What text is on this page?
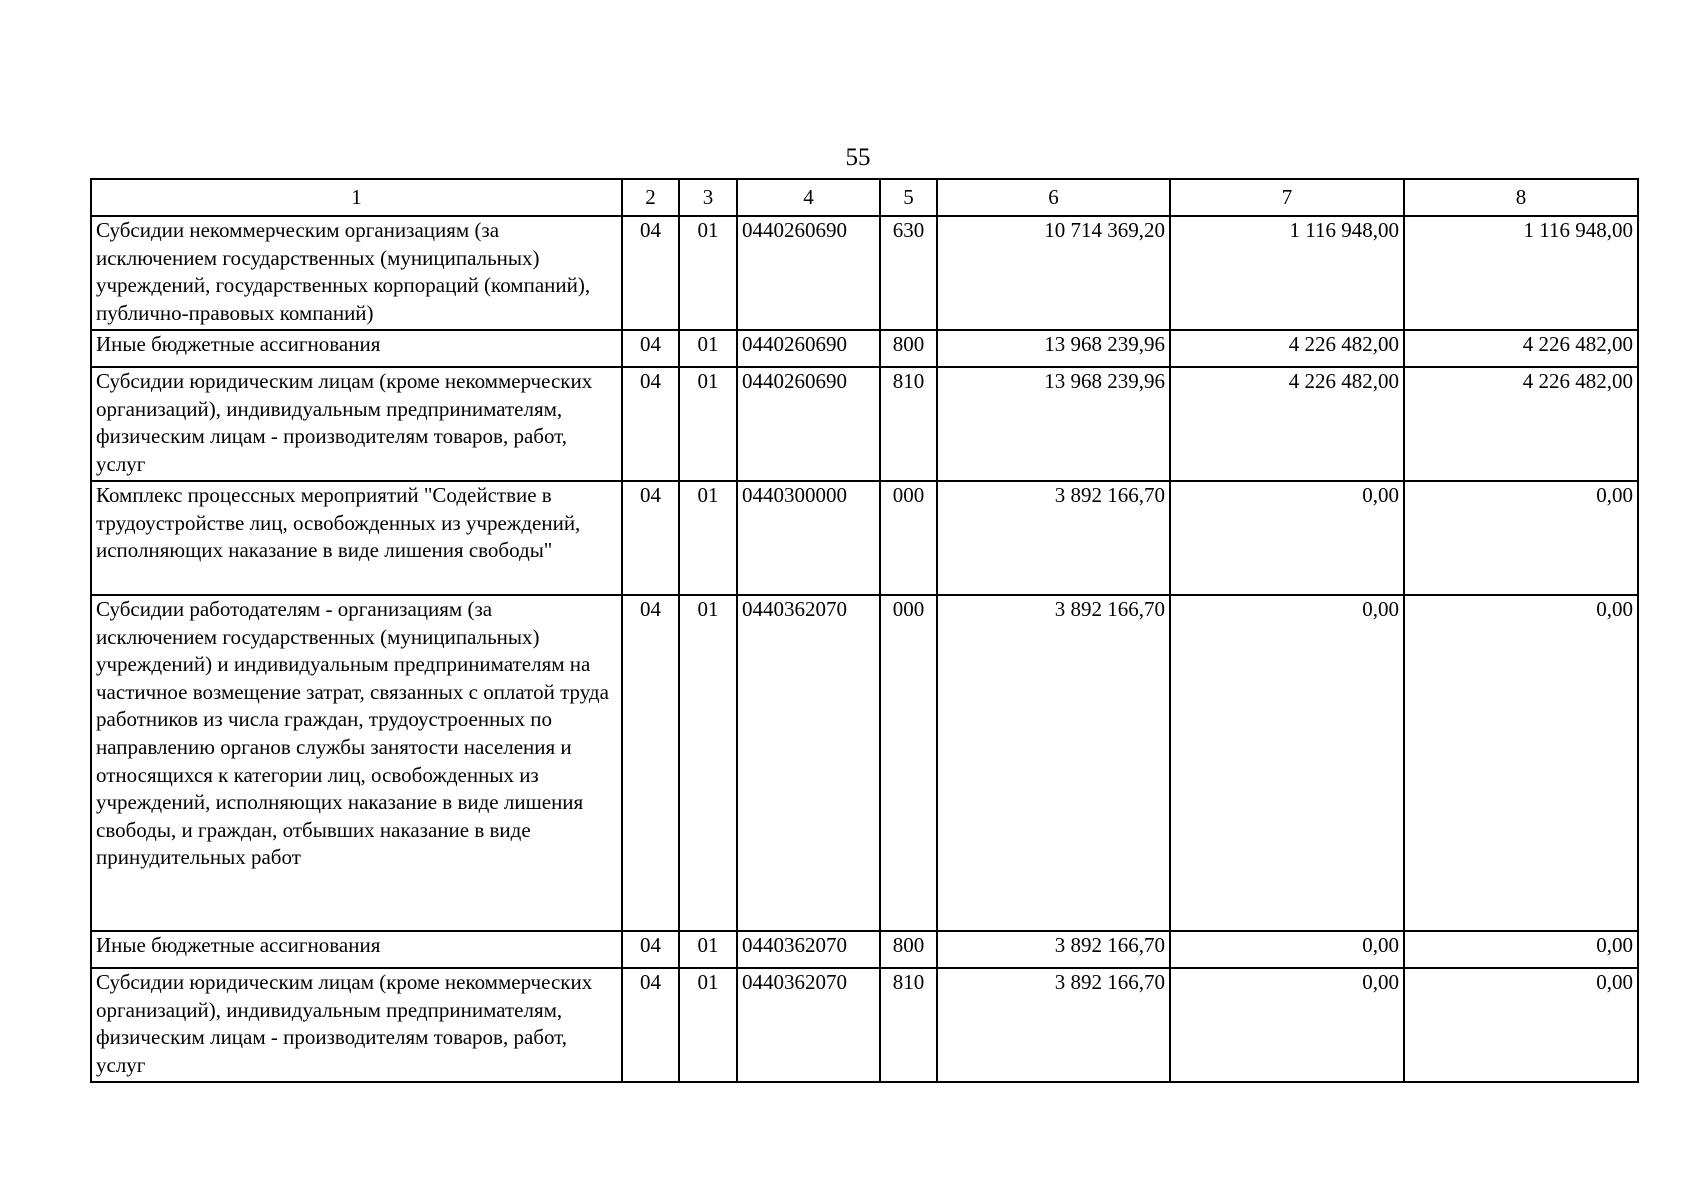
55
1	2	3	4	5	6	7	8
Субсидии некоммерческим организациям (за исключением государственных (муниципальных) учреждений, государственных корпораций (компаний), публично-правовых компаний)	04	01	0440260690	630	10 714 369,20	1 116 948,00	1 116 948,00
Иные бюджетные ассигнования	04	01	0440260690	800	13 968 239,96	4 226 482,00	4 226 482,00
Субсидии юридическим лицам (кроме некоммерческих организаций), индивидуальным предпринимателям, физическим лицам - производителям товаров, работ, услуг	04	01	0440260690	810	13 968 239,96	4 226 482,00	4 226 482,00
Комплекс процессных мероприятий "Содействие в трудоустройстве лиц, освобожденных из учреждений, исполняющих наказание в виде лишения свободы"	04	01	0440300000	000	3 892 166,70	0,00	0,00
Субсидии работодателям - организациям (за исключением государственных (муниципальных) учреждений) и индивидуальным предпринимателям на частичное возмещение затрат, связанных с оплатой труда работников из числа граждан, трудоустроенных по направлению органов службы занятости населения и относящихся к категории лиц, освобожденных из учреждений, исполняющих наказание в виде лишения свободы, и граждан, отбывших наказание в виде принудительных работ	04	01	0440362070	000	3 892 166,70	0,00	0,00
Иные бюджетные ассигнования	04	01	0440362070	800	3 892 166,70	0,00	0,00
Субсидии юридическим лицам (кроме некоммерческих организаций), индивидуальным предпринимателям, физическим лицам - производителям товаров, работ, услуг	04	01	0440362070	810	3 892 166,70	0,00	0,00
